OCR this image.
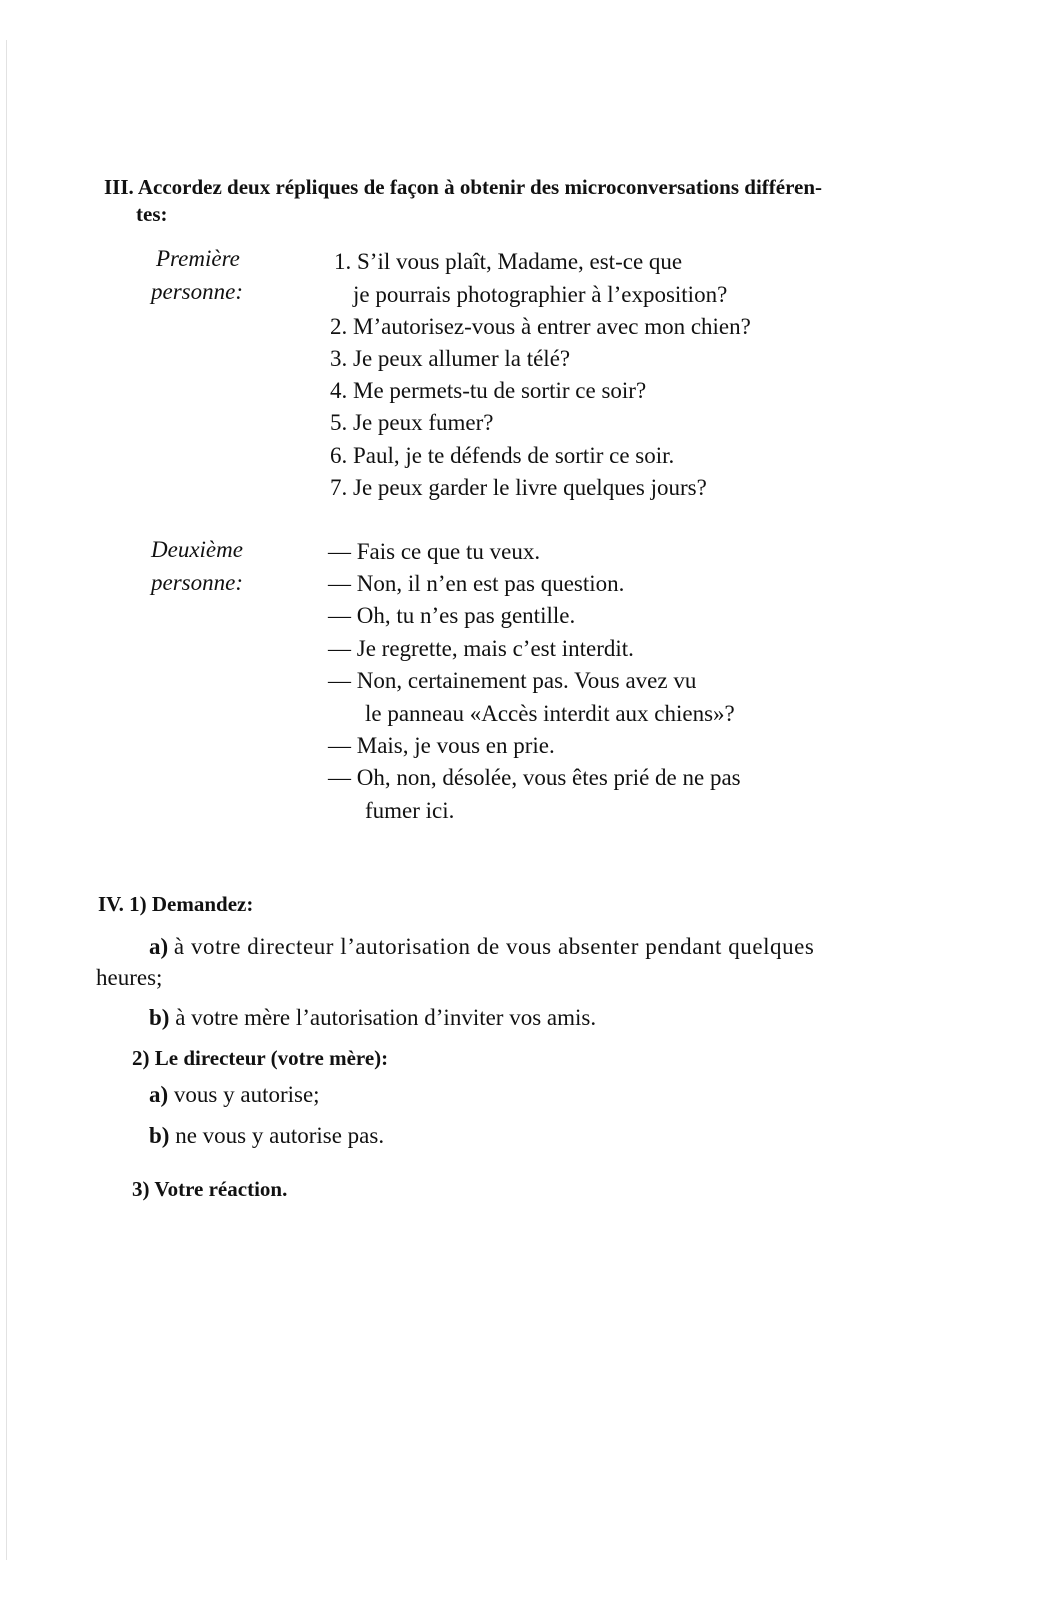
III. Accordez deux répliques de façon à obtenir des microconversations différen-
tes:
Première
personne:
1. S’il vous plaît, Madame, est-ce que
je pourrais photographier à l’exposition?
2. M’autorisez-vous à entrer avec mon chien?
3. Je peux allumer la télé?
4. Me permets-tu de sortir ce soir?
5. Je peux fumer?
6. Paul, je te défends de sortir ce soir.
7. Je peux garder le livre quelques jours?
Deuxième
personne:
— Fais ce que tu veux.
— Non, il n’en est pas question.
— Oh, tu n’es pas gentille.
— Je regrette, mais c’est interdit.
— Non, certainement pas. Vous avez vu
le panneau «Accès interdit aux chiens»?
— Mais, je vous en prie.
— Oh, non, désolée, vous êtes prié de ne pas
fumer ici.
IV. 1) Demandez:
a) à votre directeur l’autorisation de vous absenter pendant quelques
heures;
b) à votre mère l’autorisation d’inviter vos amis.
2) Le directeur (votre mère):
a) vous y autorise;
b) ne vous y autorise pas.
3) Votre réaction.
